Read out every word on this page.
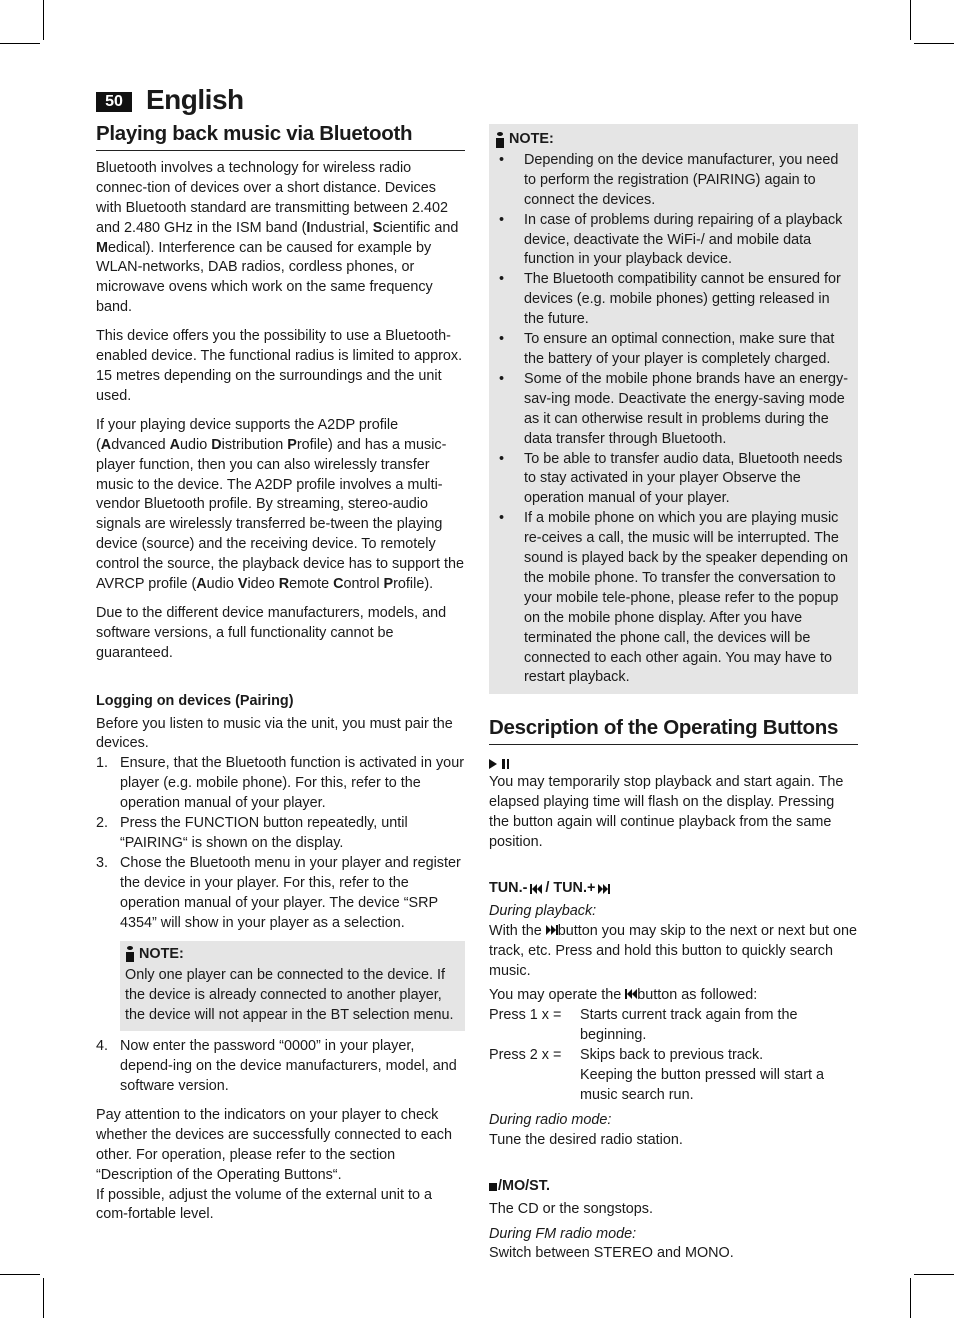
50 English
Playing back music via Bluetooth

Bluetooth involves a technology for wireless radio connec-tion of devices over a short distance. Devices with Bluetooth standard are transmitting between 2.402 and 2.480 GHz in the ISM band (Industrial, Scientific and Medical). Interference can be caused for example by WLAN-networks, DAB radios, cordless phones, or microwave ovens which work on the same frequency band.

This device offers you the possibility to use a Bluetooth-enabled device. The functional radius is limited to approx. 15 metres depending on the surroundings and the unit used.

If your playing device supports the A2DP profile (Advanced Audio Distribution Profile) and has a music-player function, then you can also wirelessly transfer music to the device. The A2DP profile involves a multi-vendor Bluetooth profile. By streaming, stereo-audio signals are wirelessly transferred be-tween the playing device (source) and the receiving device. To remotely control the source, the playback device has to support the AVRCP profile (Audio Video Remote Control Profile).

Due to the different device manufacturers, models, and software versions, a full functionality cannot be guaranteed.

Logging on devices (Pairing)

Before you listen to music via the unit, you must pair the devices.

1. Ensure, that the Bluetooth function is activated in your player (e.g. mobile phone). For this, refer to the operation manual of your player.
2. Press the FUNCTION button repeatedly, until “PAIRING“ is shown on the display.
3. Chose the Bluetooth menu in your player and register the device in your player. For this, refer to the operation manual of your player. The device “SRP 4354” will show in your player as a selection.
NOTE:
Only one player can be connected to the device. If the device is already connected to another player, the device will not appear in the BT selection menu.
4. Now enter the password “0000” in your player, depend-ing on the device manufacturers, model, and software version.

Pay attention to the indicators on your player to check whether the devices are successfully connected to each other. For operation, please refer to the section “Description of the Operating Buttons“.

If possible, adjust the volume of the external unit to a com-fortable level.

NOTE:
• Depending on the device manufacturer, you need to perform the registration (PAIRING) again to connect the devices.
• In case of problems during repairing of a playback device, deactivate the WiFi-/ and mobile data function in your playback device.
• The Bluetooth compatibility cannot be ensured for devices (e.g. mobile phones) getting released in the future.
• To ensure an optimal connection, make sure that the battery of your player is completely charged.
• Some of the mobile phone brands have an energy-sav-ing mode. Deactivate the energy-saving mode as it can otherwise result in problems during the data transfer through Bluetooth.
• To be able to transfer audio data, Bluetooth needs to stay activated in your player Observe the operation manual of your player.
• If a mobile phone on which you are playing music re-ceives a call, the music will be interrupted. The sound is played back by the speaker depending on the mobile phone. To transfer the conversation to your mobile tele-phone, please refer to the popup on the mobile phone display. After you have terminated the phone call, the devices will be connected to each other again. You may have to restart playback.
Description of the Operating Buttons

You may temporarily stop playback and start again. The elapsed playing time will flash on the display. Pressing the button again will continue playback from the same position.

TUN.- / TUN.+

During playback:

With the button you may skip to the next or next but one track, etc. Press and hold this button to quickly search music.

You may operate the button as followed:

Press 1 x =	Starts current track again from the beginning.
Press 2 x =	Skips back to previous track.
Keeping the button pressed will start a music search run.

During radio mode:

Tune the desired radio station.

/MO/ST.

The CD or the songstops.

During FM radio mode:

Switch between STEREO and MONO.
